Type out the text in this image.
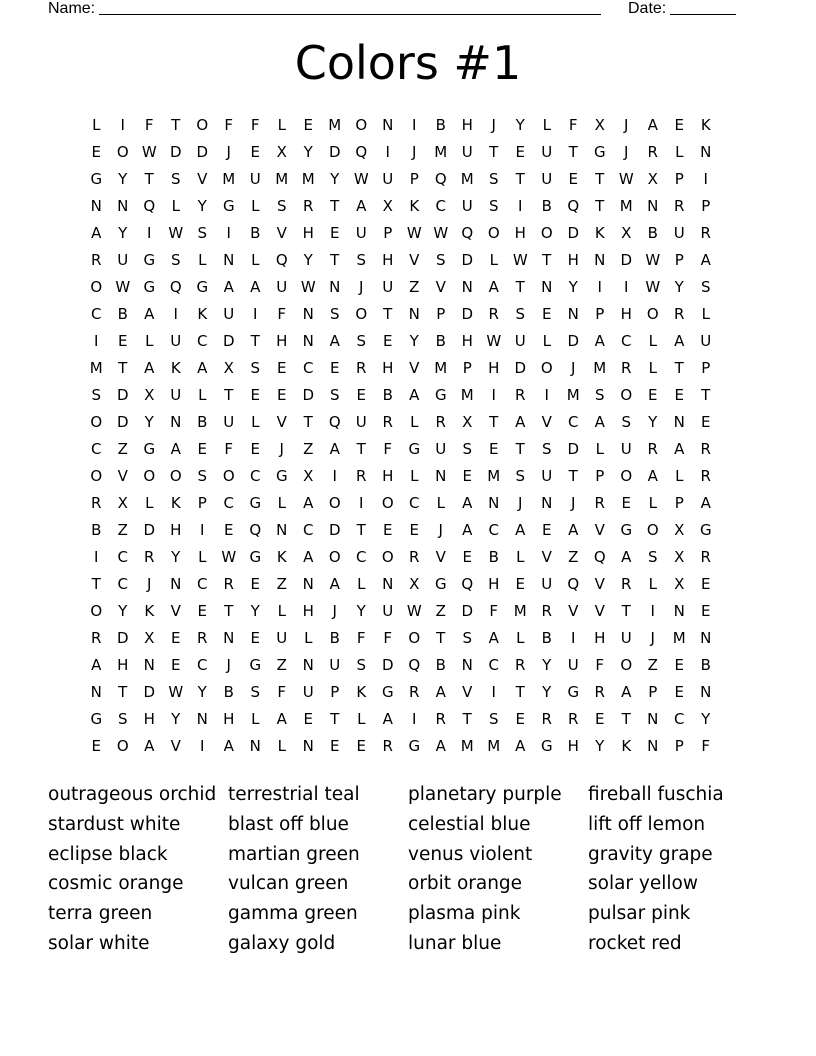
Name:	Date:
Colors #1
L	I	F	T	O	F	F	L	E	M O N	I	B	H	J	Y	L	F	X	J	A	E	K
E	O W D D	J	E	X	Y	D Q	I	J	M U	T	E	U	T	G	J	R	L	N
G	Y	T	S	V M U M M	Y W U	P	Q M	S	T	U	E	T W X	P	I
N	N Q	L	Y	G	L	S	R	T	A	X	K	C	U	S	I	B	Q	T	M N	R	P
A	Y	I	W S	I	B	V	H	E	U	P W W Q O H O D	K	X	B	U	R
R	U	G	S	L	N	L	Q	Y	T	S	H	V	S	D	L W T	H	N	D W P	A
O W G Q G	A	A	U W N	J	U	Z	V	N	A	T	N	Y	I	I	W Y	S
C	B	A	I	K	U	I	F	N	S	O	T	N	P	D	R	S	E	N	P	H O	R	L
I	E	L	U	C	D	T	H	N	A	S	E	Y	B	H W U	L	D	A	C	L	A	U
M	T	A	K	A	X	S	E	C	E	R	H	V M	P	H	D O	J	M R	L	T	P
S	D	X	U	L	T	E	E	D	S	E	B	A	G M	I	R	I	M	S	O	E	E	T
O D	Y	N	B	U	L	V	T	Q	U	R	L	R	X	T	A	V	C	A	S	Y	N	E
C	Z	G	A	E	F	E	J	Z	A	T	F	G	U	S	E	T	S	D	L	U	R	A	R
O	V	O O	S	O	C	G	X	I	R	H	L	N	E	M	S	U	T	P	O	A	L	R
R	X	L	K	P	C	G	L	A	O	I	O	C	L	A	N	J	N	J	R	E	L	P	A
B	Z	D	H	I	E	Q N	C	D	T	E	E	J	A	C	A	E	A	V	G O	X	G
I	C	R	Y	L W G	K	A	O	C	O	R	V	E	B	L	V	Z	Q	A	S	X	R
T	C	J	N	C	R	E	Z	N	A	L	N	X	G Q H	E	U	Q	V	R	L	X	E
O	Y	K	V	E	T	Y	L	H	J	Y	U W Z	D	F	M R	V	V	T	I	N	E
R	D	X	E	R	N	E	U	L	B	F	F	O	T	S	A	L	B	I	H	U	J	M N
A	H	N	E	C	J	G	Z	N	U	S	D Q	B	N	C	R	Y	U	F	O	Z	E	B
N	T	D W Y	B	S	F	U	P	K	G	R	A	V	I	T	Y	G	R	A	P	E	N
G	S	H	Y	N	H	L	A	E	T	L	A	I	R	T	S	E	R	R	E	T	N	C	Y
E	O	A	V	I	A	N	L	N	E	E	R	G	A M M A	G	H	Y	K	N	P	F
outrageous orchid
stardust white
eclipse black
cosmic orange
terra green
solar white
terrestrial teal
blast off blue
martian green
vulcan green
gamma green
galaxy gold
planetary purple
celestial blue
venus violent
orbit orange
plasma pink
lunar blue
fireball fuschia
lift off lemon
gravity grape
solar yellow
pulsar pink
rocket red
